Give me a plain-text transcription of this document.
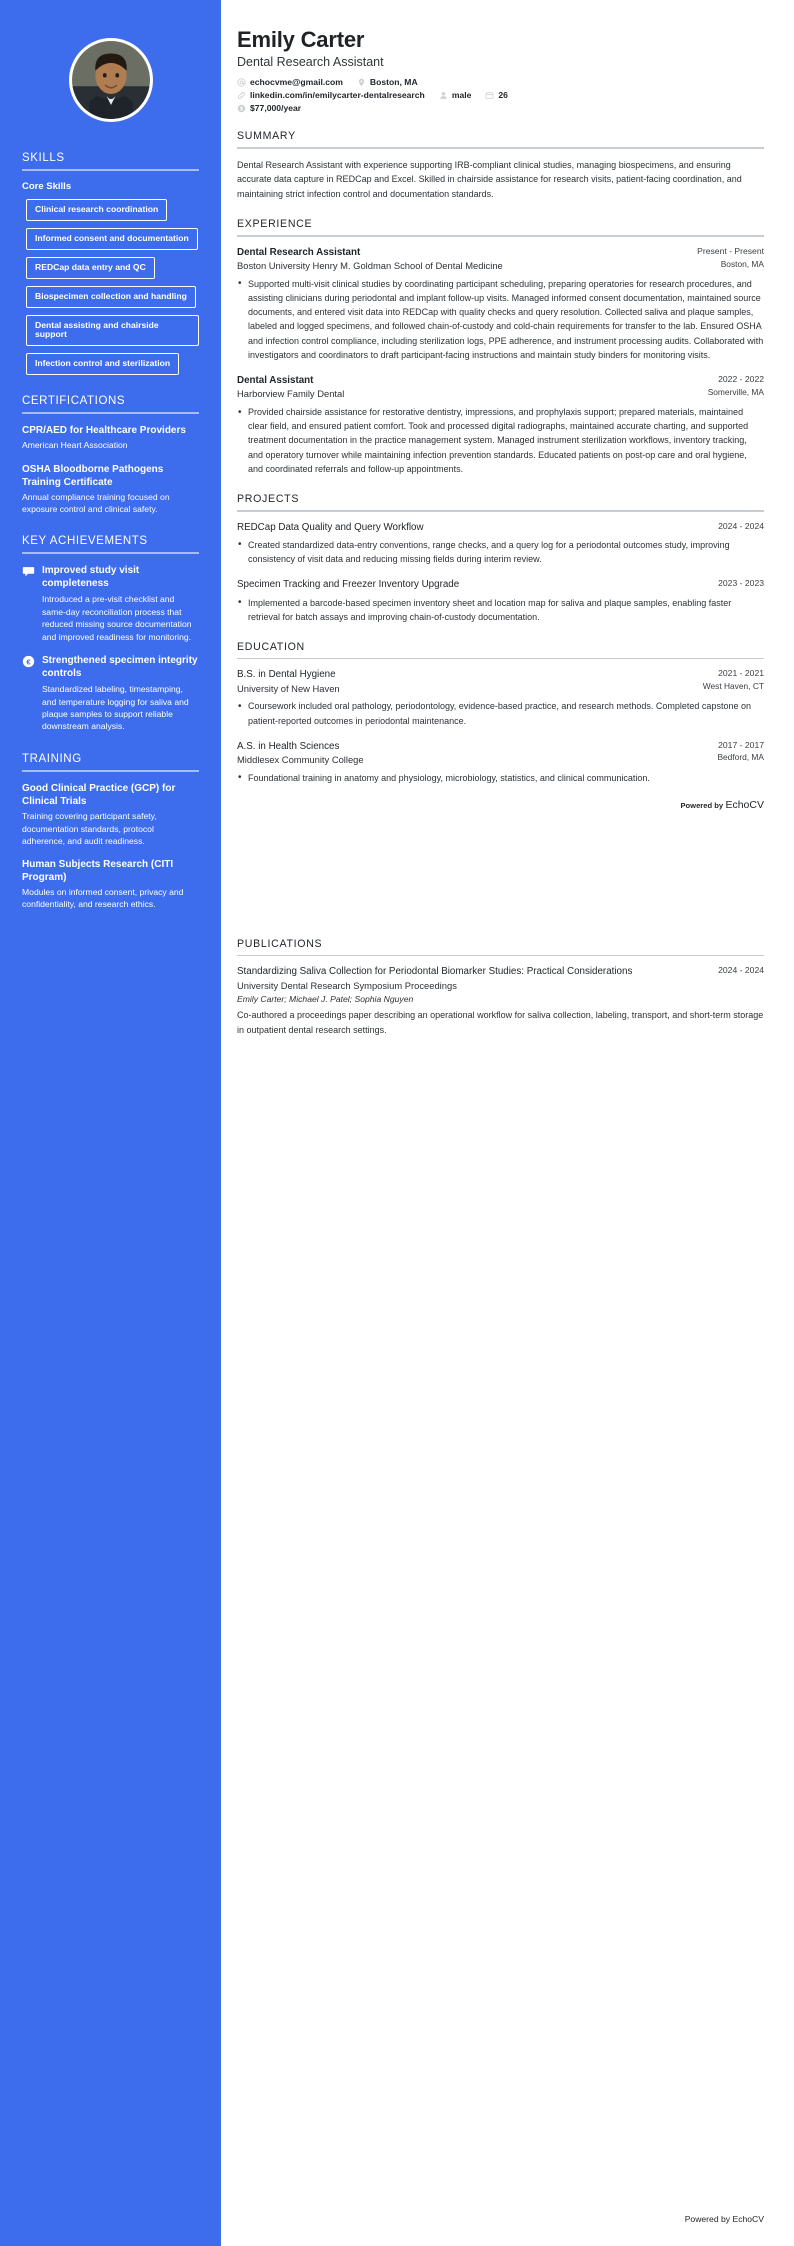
SKILLS
Core Skills
Clinical research coordination
Informed consent and documentation
REDCap data entry and QC
Biospecimen collection and handling
Dental assisting and chairside support
Infection control and sterilization
CERTIFICATIONS
CPR/AED for Healthcare Providers
American Heart Association
OSHA Bloodborne Pathogens Training Certificate
Annual compliance training focused on exposure control and clinical safety.
KEY ACHIEVEMENTS
Improved study visit completeness
Introduced a pre-visit checklist and same-day reconciliation process that reduced missing source documentation and improved readiness for monitoring.
€ Strengthened specimen integrity controls
Standardized labeling, timestamping, and temperature logging for saliva and plaque samples to support reliable downstream analysis.
TRAINING
Good Clinical Practice (GCP) for Clinical Trials
Training covering participant safety, documentation standards, protocol adherence, and audit readiness.
Human Subjects Research (CITI Program)
Modules on informed consent, privacy and confidentiality, and research ethics.
Emily Carter
Dental Research Assistant
echocvme@gmail.com	Boston, MA
linkedin.com/in/emilycarter-dentalresearch	male	26
$ $77,000/year
SUMMARY

Dental Research Assistant with experience supporting IRB-compliant clinical studies, managing biospecimens, and ensuring accurate data capture in REDCap and Excel. Skilled in chairside assistance for research visits, patient-facing coordination, and maintaining strict infection control and documentation standards.

EXPERIENCE
Dental Research Assistant
Boston University Henry M. Goldman School of Dental Medicine
Present - Present
Boston, MA
• Supported multi-visit clinical studies by coordinating participant scheduling, preparing operatories for research procedures, and assisting clinicians during periodontal and implant follow-up visits. Managed informed consent documentation, maintained source documents, and entered visit data into REDCap with quality checks and query resolution. Collected saliva and plaque samples, labeled and logged specimens, and followed chain-of-custody and cold-chain requirements for transfer to the lab. Ensured OSHA and infection control compliance, including sterilization logs, PPE adherence, and instrument processing audits. Collaborated with investigators and coordinators to draft participant-facing instructions and maintain study binders for monitoring visits.
Dental Assistant
Harborview Family Dental
2022 - 2022
Somerville, MA
• Provided chairside assistance for restorative dentistry, impressions, and prophylaxis support; prepared materials, maintained clear field, and ensured patient comfort. Took and processed digital radiographs, maintained accurate charting, and supported treatment documentation in the practice management system. Managed instrument sterilization workflows, inventory tracking, and operatory turnover while maintaining infection prevention standards. Educated patients on post-op care and oral hygiene, and coordinated referrals and follow-up appointments.
PROJECTS
REDCap Data Quality and Query Workflow	2024 - 2024
• Created standardized data-entry conventions, range checks, and a query log for a periodontal outcomes study, improving consistency of visit data and reducing missing fields during interim review.
Specimen Tracking and Freezer Inventory Upgrade	2023 - 2023
• Implemented a barcode-based specimen inventory sheet and location map for saliva and plaque samples, enabling faster retrieval for batch assays and improving chain-of-custody documentation.
EDUCATION
B.S. in Dental Hygiene
University of New Haven
2021 - 2021
West Haven, CT
• Coursework included oral pathology, periodontology, evidence-based practice, and research methods. Completed capstone on patient-reported outcomes in periodontal maintenance.
A.S. in Health Sciences
Middlesex Community College
2017 - 2017
Bedford, MA
• Foundational training in anatomy and physiology, microbiology, statistics, and clinical communication.
Powered by EchoCV
PUBLICATIONS
Standardizing Saliva Collection for Periodontal Biomarker Studies: Practical Considerations
University Dental Research Symposium Proceedings
2024 - 2024
Emily Carter; Michael J. Patel; Sophia Nguyen
Co-authored a proceedings paper describing an operational workflow for saliva collection, labeling, transport, and short-term storage in outpatient dental research settings.
Powered by EchoCV
